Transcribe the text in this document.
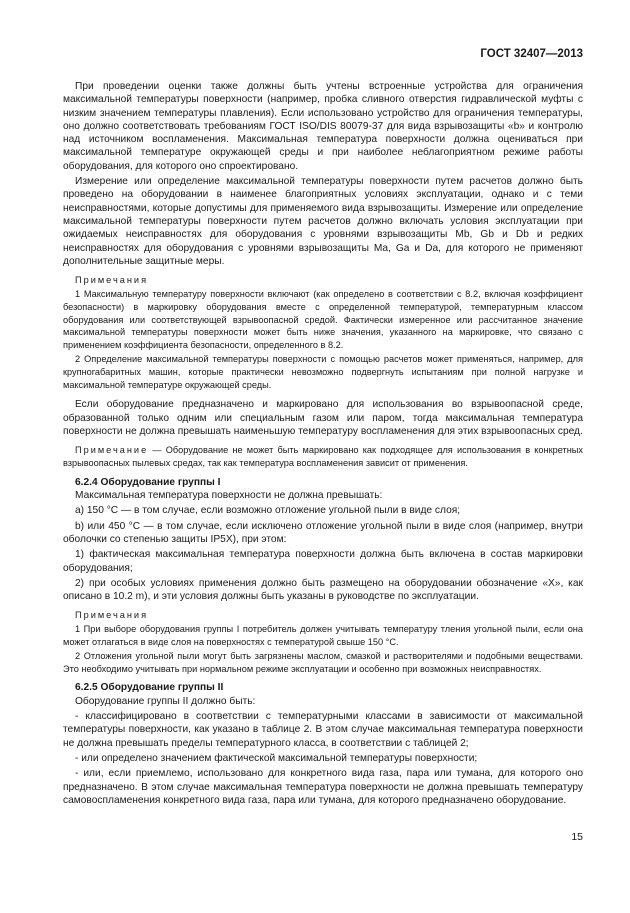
ГОСТ 32407—2013

При проведении оценки также должны быть учтены встроенные устройства для ограничения максимальной температуры поверхности (например, пробка сливного отверстия гидравлической муфты с низким значением температуры плавления). Если использовано устройство для ограничения температуры, оно должно соответствовать требованиям ГОСТ ISO/DIS 80079-37 для вида взрывозащиты «b» и контролю над источником воспламенения. Максимальная температура поверхности должна оцениваться при максимальной температуре окружающей среды и при наиболее неблагоприятном режиме работы оборудования, для которого оно спроектировано.

Измерение или определение максимальной температуры поверхности путем расчетов должно быть проведено на оборудовании в наименее благоприятных условиях эксплуатации, однако и с теми неисправностями, которые допустимы для применяемого вида взрывозащиты. Измерение или определение максимальной температуры поверхности путем расчетов должно включать условия эксплуатации при ожидаемых неисправностях для оборудования с уровнями взрывозащиты Mb, Gb и Db и редких неисправностях для оборудования с уровнями взрывозащиты Ma, Ga и Da, для которого не применяют дополнительные защитные меры.

Примечания

1 Максимальную температуру поверхности включают (как определено в соответствии с 8.2, включая коэффициент безопасности) в маркировку оборудования вместе с определенной температурой, температурным классом оборудования или соответствующей взрывоопасной средой. Фактически измеренное или рассчитанное значение максимальной температуры поверхности может быть ниже значения, указанного на маркировке, что связано с применением коэффициента безопасности, определенного в 8.2.

2 Определение максимальной температуры поверхности с помощью расчетов может применяться, например, для крупногабаритных машин, которые практически невозможно подвергнуть испытаниям при полной нагрузке и максимальной температуре окружающей среды.

Если оборудование предназначено и маркировано для использования во взрывоопасной среде, образованной только одним или специальным газом или паром, тогда максимальная температура поверхности не должна превышать наименьшую температуру воспламенения для этих взрывоопасных сред.

Примечание — Оборудование не может быть маркировано как подходящее для использования в конкретных взрывоопасных пылевых средах, так как температура воспламенения зависит от применения.

6.2.4 Оборудование группы I

Максимальная температура поверхности не должна превышать:

а) 150 °С — в том случае, если возможно отложение угольной пыли в виде слоя;

b) или 450 °С — в том случае, если исключено отложение угольной пыли в виде слоя (например, внутри оболочки со степенью защиты IP5X), при этом:

1) фактическая максимальная температура поверхности должна быть включена в состав маркировки оборудования;

2) при особых условиях применения должно быть размещено на оборудовании обозначение «X», как описано в 10.2 m), и эти условия должны быть указаны в руководстве по эксплуатации.

Примечания

1 При выборе оборудования группы I потребитель должен учитывать температуру тления угольной пыли, если она может отлагаться в виде слоя на поверхностях с температурой свыше 150 °С.

2 Отложения угольной пыли могут быть загрязнены маслом, смазкой и растворителями и подобными веществами. Это необходимо учитывать при нормальном режиме эксплуатации и особенно при возможных неисправностях.

6.2.5 Оборудование группы II

Оборудование группы II должно быть:

- классифицировано в соответствии с температурными классами в зависимости от максимальной температуры поверхности, как указано в таблице 2. В этом случае максимальная температура поверхности не должна превышать пределы температурного класса, в соответствии с таблицей 2;

- или определено значением фактической максимальной температуры поверхности;

- или, если приемлемо, использовано для конкретного вида газа, пара или тумана, для которого оно предназначено. В этом случае максимальная температура поверхности не должна превышать температуру самовоспламенения конкретного вида газа, пара или тумана, для которого предназначено оборудование.

15
